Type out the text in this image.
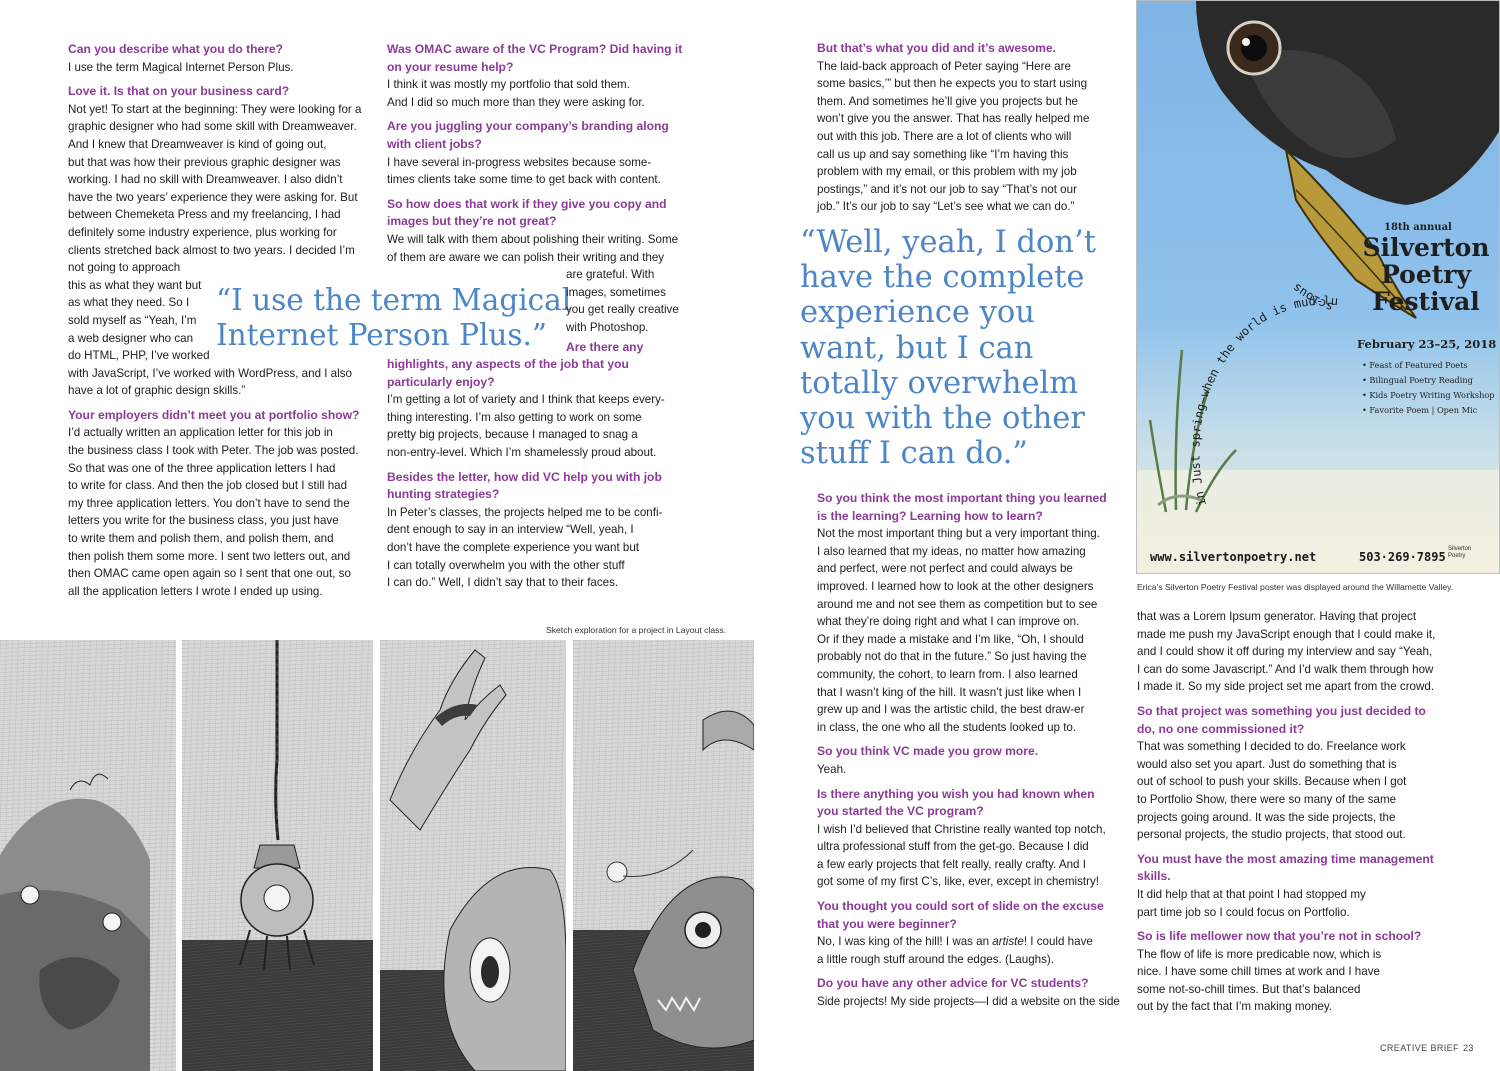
Can you describe what you do there?
I use the term Magical Internet Person Plus.
Love it. Is that on your business card?
Not yet! To start at the beginning: They were looking for a
graphic designer who had some skill with Dreamweaver.
And I knew that Dreamweaver is kind of going out,
but that was how their previous graphic designer was
working. I had no skill with Dreamweaver. I also didn’t
have the two years’ experience they were asking for. But
between Chemeketa Press and my freelancing, I had
definitely some industry experience, plus working for
clients stretched back almost to two years. I decided I’m
not going to approach
this as what they want but
as what they need. So I
sold myself as “Yeah, I’m
a web designer who can
do HTML, PHP, I’ve worked
with JavaScript, I’ve worked with WordPress, and I also
have a lot of graphic design skills.”
Your employers didn’t meet you at portfolio show?
I’d actually written an application letter for this job in
the business class I took with Peter. The job was posted.
So that was one of the three application letters I had
to write for class. And then the job closed but I still had
my three application letters. You don’t have to send the
letters you write for the business class, you just have
to write them and polish them, and polish them, and
then polish them some more. I sent two letters out, and
then OMAC came open again so I sent that one out, so
all the application letters I wrote I ended up using.
“I use the term Magical
Internet Person Plus.”
Was OMAC aware of the VC Program? Did having it on your resume help?
I think it was mostly my portfolio that sold them.
And I did so much more than they were asking for.
Are you juggling your company’s branding along with client jobs?
I have several in-progress websites because some-
times clients take some time to get back with content.
So how does that work if they give you copy and images but they’re not great?
We will talk with them about polishing their writing. Some
of them are aware we can polish their writing and they
are grateful. With
images, sometimes
you get really creative
with Photoshop.
Are there any
highlights, any aspects of the job that you particularly enjoy?
I’m getting a lot of variety and I think that keeps every-
thing interesting. I’m also getting to work on some
pretty big projects, because I managed to snag a
non-entry-level. Which I’m shamelessly proud about.
Besides the letter, how did VC help you with job hunting strategies?
In Peter’s classes, the projects helped me to be confi-
dent enough to say in an interview “Well, yeah, I
don’t have the complete experience you want but
I can totally overwhelm you with the other stuff
I can do.” Well, I didn’t say that to their faces.
Sketch exploration for a project in Layout class.
But that’s what you did and it’s awesome.
The laid-back approach of Peter saying “Here are
some basics,’” but then he expects you to start using
them. And sometimes he’ll give you projects but he
won’t give you the answer. That has really helped me
out with this job. There are a lot of clients who will
call us up and say something like “I’m having this
problem with my email, or this problem with my job
postings,” and it’s not our job to say “That’s not our
job.” It’s our job to say “Let’s see what we can do.”
“Well, yeah, I don’t
have the complete
experience you
want, but I can
totally overwhelm
you with the other
stuff I can do.”
So you think the most important thing you learned is the learning? Learning how to learn?
Not the most important thing but a very important thing.
I also learned that my ideas, no matter how amazing
and perfect, were not perfect and could always be
improved. I learned how to look at the other designers
around me and not see them as competition but to see
what they’re doing right and what I can improve on.
Or if they made a mistake and I’m like, “Oh, I should
probably not do that in the future.” So just having the
community, the cohort, to learn from. I also learned
that I wasn’t king of the hill. It wasn’t just like when I
grew up and I was the artistic child, the best draw-er
in class, the one who all the students looked up to.
So you think VC made you grow more.
Yeah.
Is there anything you wish you had known when you started the VC program?
I wish I’d believed that Christine really wanted top notch,
ultra professional stuff from the get-go. Because I did
a few early projects that felt really, really crafty. And I
got some of my first C’s, like, ever, except in chemistry!
You thought you could sort of slide on the excuse that you were beginner?
No, I was king of the hill! I was an artiste! I could have
a little rough stuff around the edges. (Laughs).
Do you have any other advice for VC students?
Side projects! My side projects—I did a website on the side
in Just spring—when the world is mud-luscious
18th annual
Silverton
Poetry
Festival
February 23–25, 2018
• Feast of Featured Poets
• Bilingual Poetry Reading
• Kids Poetry Writing Workshop
• Favorite Poem | Open Mic
www.silvertonpoetry.net	503·269·7895
Silverton Poetry
Erica’s Silverton Poetry Festival poster was displayed around the Willamette Valley.
that was a Lorem Ipsum generator. Having that project
made me push my JavaScript enough that I could make it,
and I could show it off during my interview and say “Yeah,
I can do some Javascript.” And I’d walk them through how
I made it. So my side project set me apart from the crowd.
So that project was something you just decided to do, no one commissioned it?
That was something I decided to do. Freelance work
would also set you apart. Just do something that is
out of school to push your skills. Because when I got
to Portfolio Show, there were so many of the same
projects going around. It was the side projects, the
personal projects, the studio projects, that stood out.
You must have the most amazing time management skills.
It did help that at that point I had stopped my
part time job so I could focus on Portfolio.
So is life mellower now that you’re not in school?
The flow of life is more predicable now, which is
nice. I have some chill times at work and I have
some not-so-chill times. But that’s balanced
out by the fact that I’m making money.
CREATIVE BRIEF 23
